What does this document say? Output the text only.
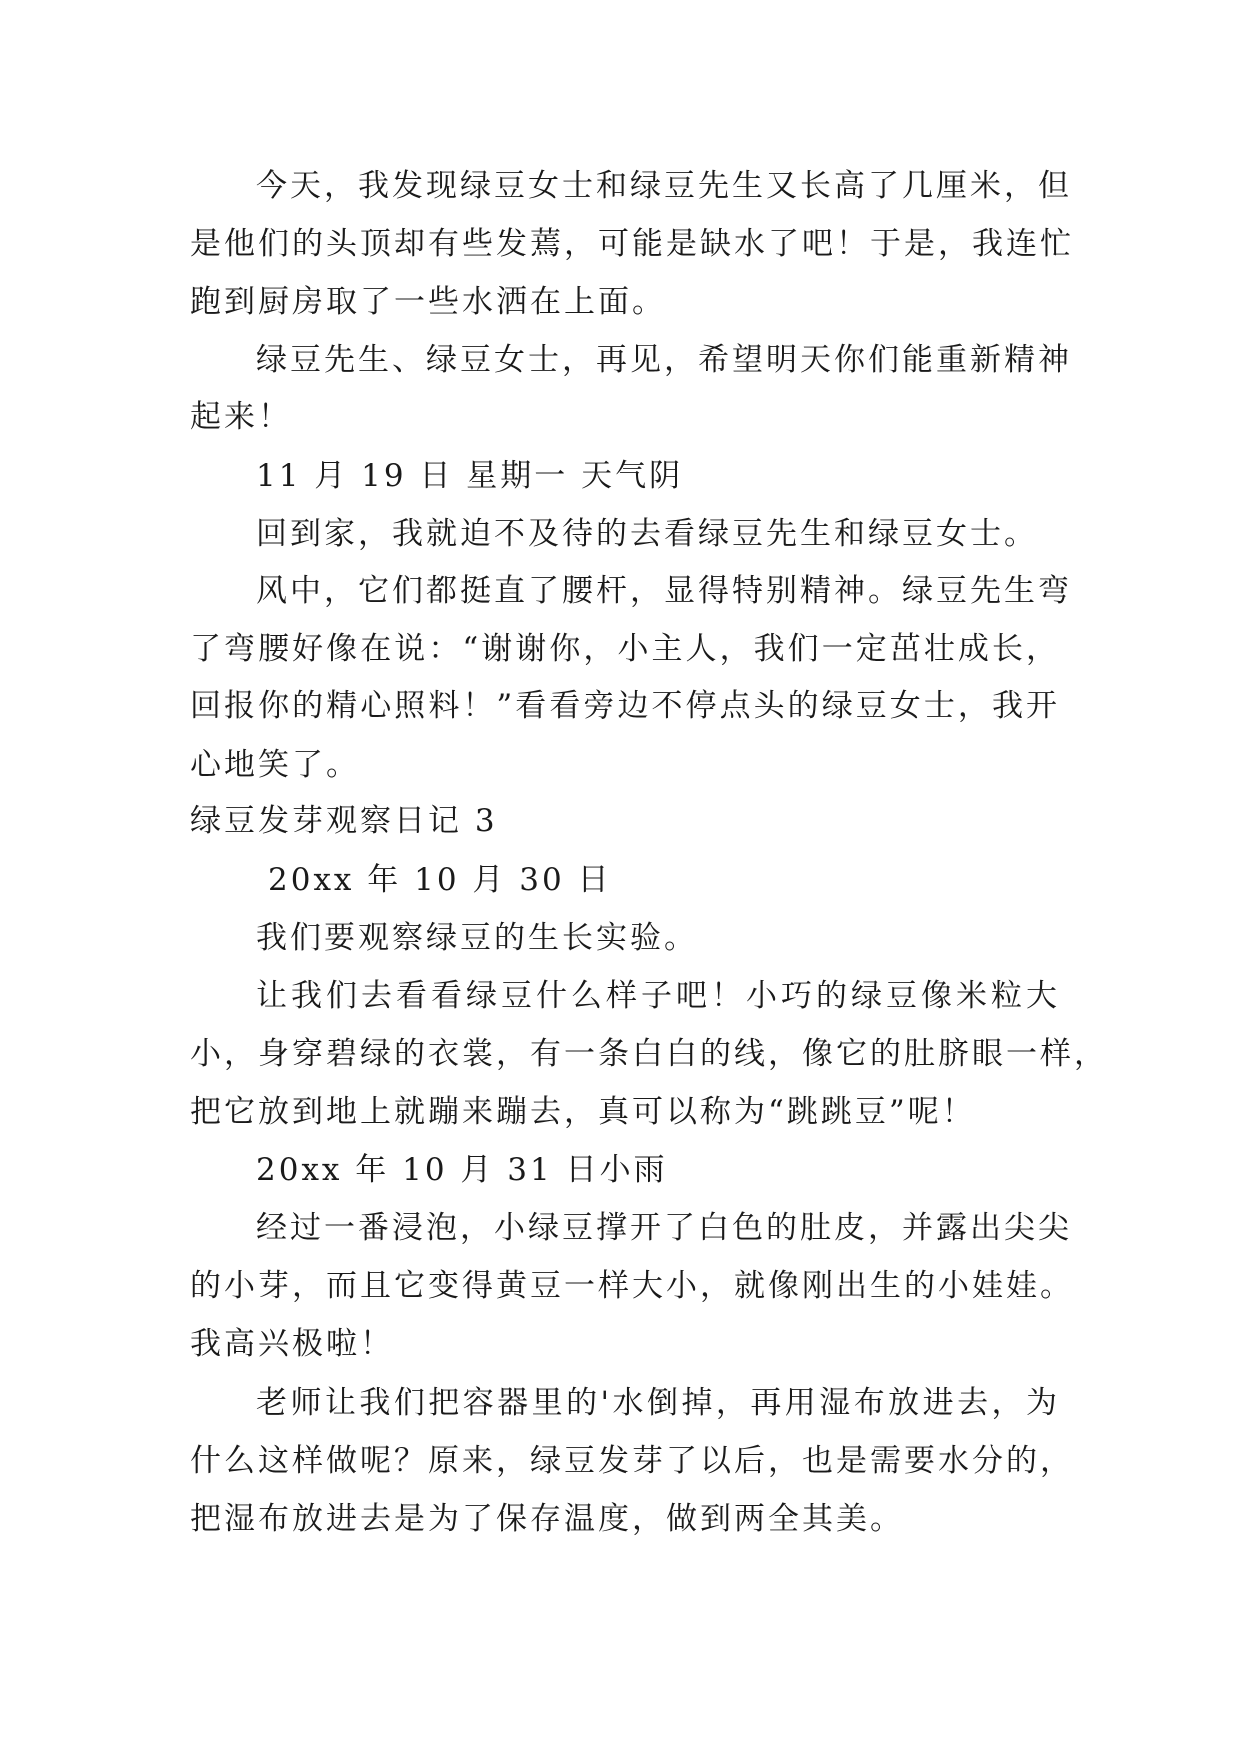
今天，我发现绿豆女士和绿豆先生又长高了几厘米，但
是他们的头顶却有些发蔫，可能是缺水了吧！于是，我连忙
跑到厨房取了一些水洒在上面。
绿豆先生、绿豆女士，再见，希望明天你们能重新精神
起来！
11 月 19 日 星期一 天气阴
回到家，我就迫不及待的去看绿豆先生和绿豆女士。
风中，它们都挺直了腰杆，显得特别精神。绿豆先生弯
了弯腰好像在说：“谢谢你，小主人，我们一定茁壮成长，
回报你的精心照料！”看看旁边不停点头的绿豆女士，我开
心地笑了。
绿豆发芽观察日记 3
20xx 年 10 月 30 日
我们要观察绿豆的生长实验。
让我们去看看绿豆什么样子吧！小巧的绿豆像米粒大
小，身穿碧绿的衣裳，有一条白白的线，像它的肚脐眼一样，
把它放到地上就蹦来蹦去，真可以称为“跳跳豆”呢！
20xx 年 10 月 31 日小雨
经过一番浸泡，小绿豆撑开了白色的肚皮，并露出尖尖
的小芽，而且它变得黄豆一样大小，就像刚出生的小娃娃。
我高兴极啦！
老师让我们把容器里的'水倒掉，再用湿布放进去，为
什么这样做呢？原来，绿豆发芽了以后，也是需要水分的，
把湿布放进去是为了保存温度，做到两全其美。
